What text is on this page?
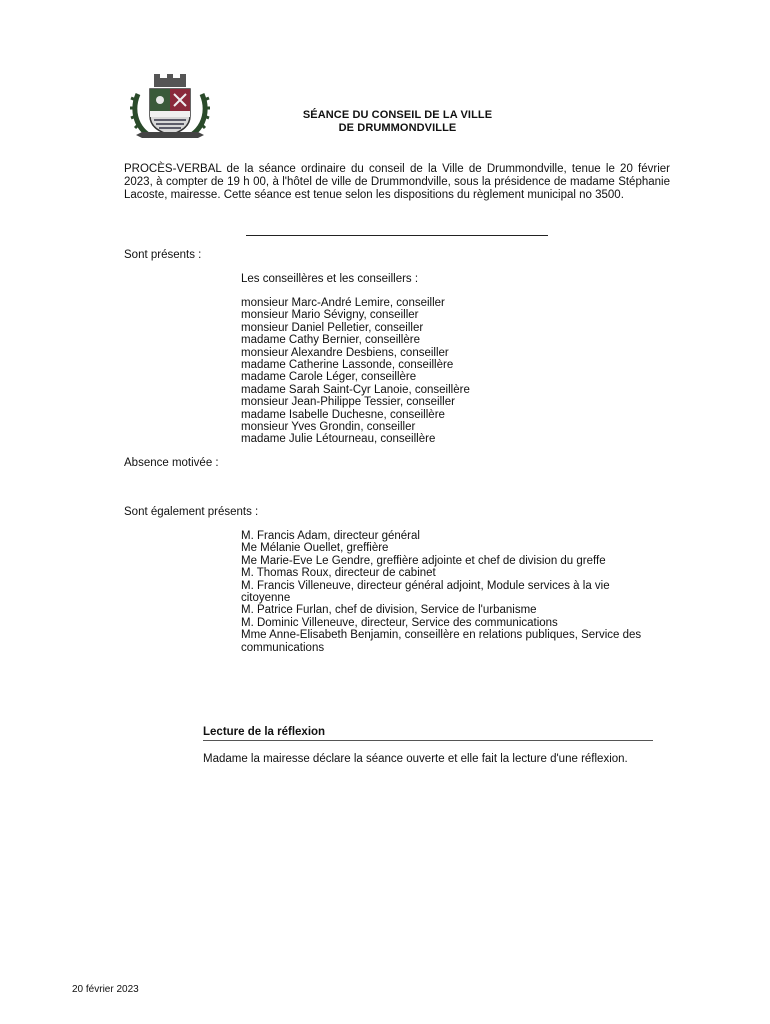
SÉANCE DU CONSEIL DE LA VILLE
DE DRUMMONDVILLE
PROCÈS-VERBAL de la séance ordinaire du conseil de la Ville de Drummondville, tenue le 20 février 2023, à compter de 19 h 00, à l'hôtel de ville de Drummondville, sous la présidence de madame Stéphanie Lacoste, mairesse. Cette séance est tenue selon les dispositions du règlement municipal no 3500.
Sont présents :
Les conseillères et les conseillers :
monsieur Marc-André Lemire, conseiller
monsieur Mario Sévigny, conseiller
monsieur Daniel Pelletier, conseiller
madame Cathy Bernier, conseillère
monsieur Alexandre Desbiens, conseiller
madame Catherine Lassonde, conseillère
madame Carole Léger, conseillère
madame Sarah Saint-Cyr Lanoie, conseillère
monsieur Jean-Philippe Tessier, conseiller
madame Isabelle Duchesne, conseillère
monsieur Yves Grondin, conseiller
madame Julie Létourneau, conseillère
Absence motivée :
Sont également présents :
M. Francis Adam, directeur général
Me Mélanie Ouellet, greffière
Me Marie-Eve Le Gendre, greffière adjointe et chef de division du greffe
M. Thomas Roux, directeur de cabinet
M. Francis Villeneuve, directeur général adjoint, Module services à la vie citoyenne
M. Patrice Furlan, chef de division, Service de l'urbanisme
M. Dominic Villeneuve, directeur, Service des communications
Mme Anne-Elisabeth Benjamin, conseillère en relations publiques, Service des communications
Lecture de la réflexion
Madame la mairesse déclare la séance ouverte et elle fait la lecture d'une réflexion.
20 février 2023
